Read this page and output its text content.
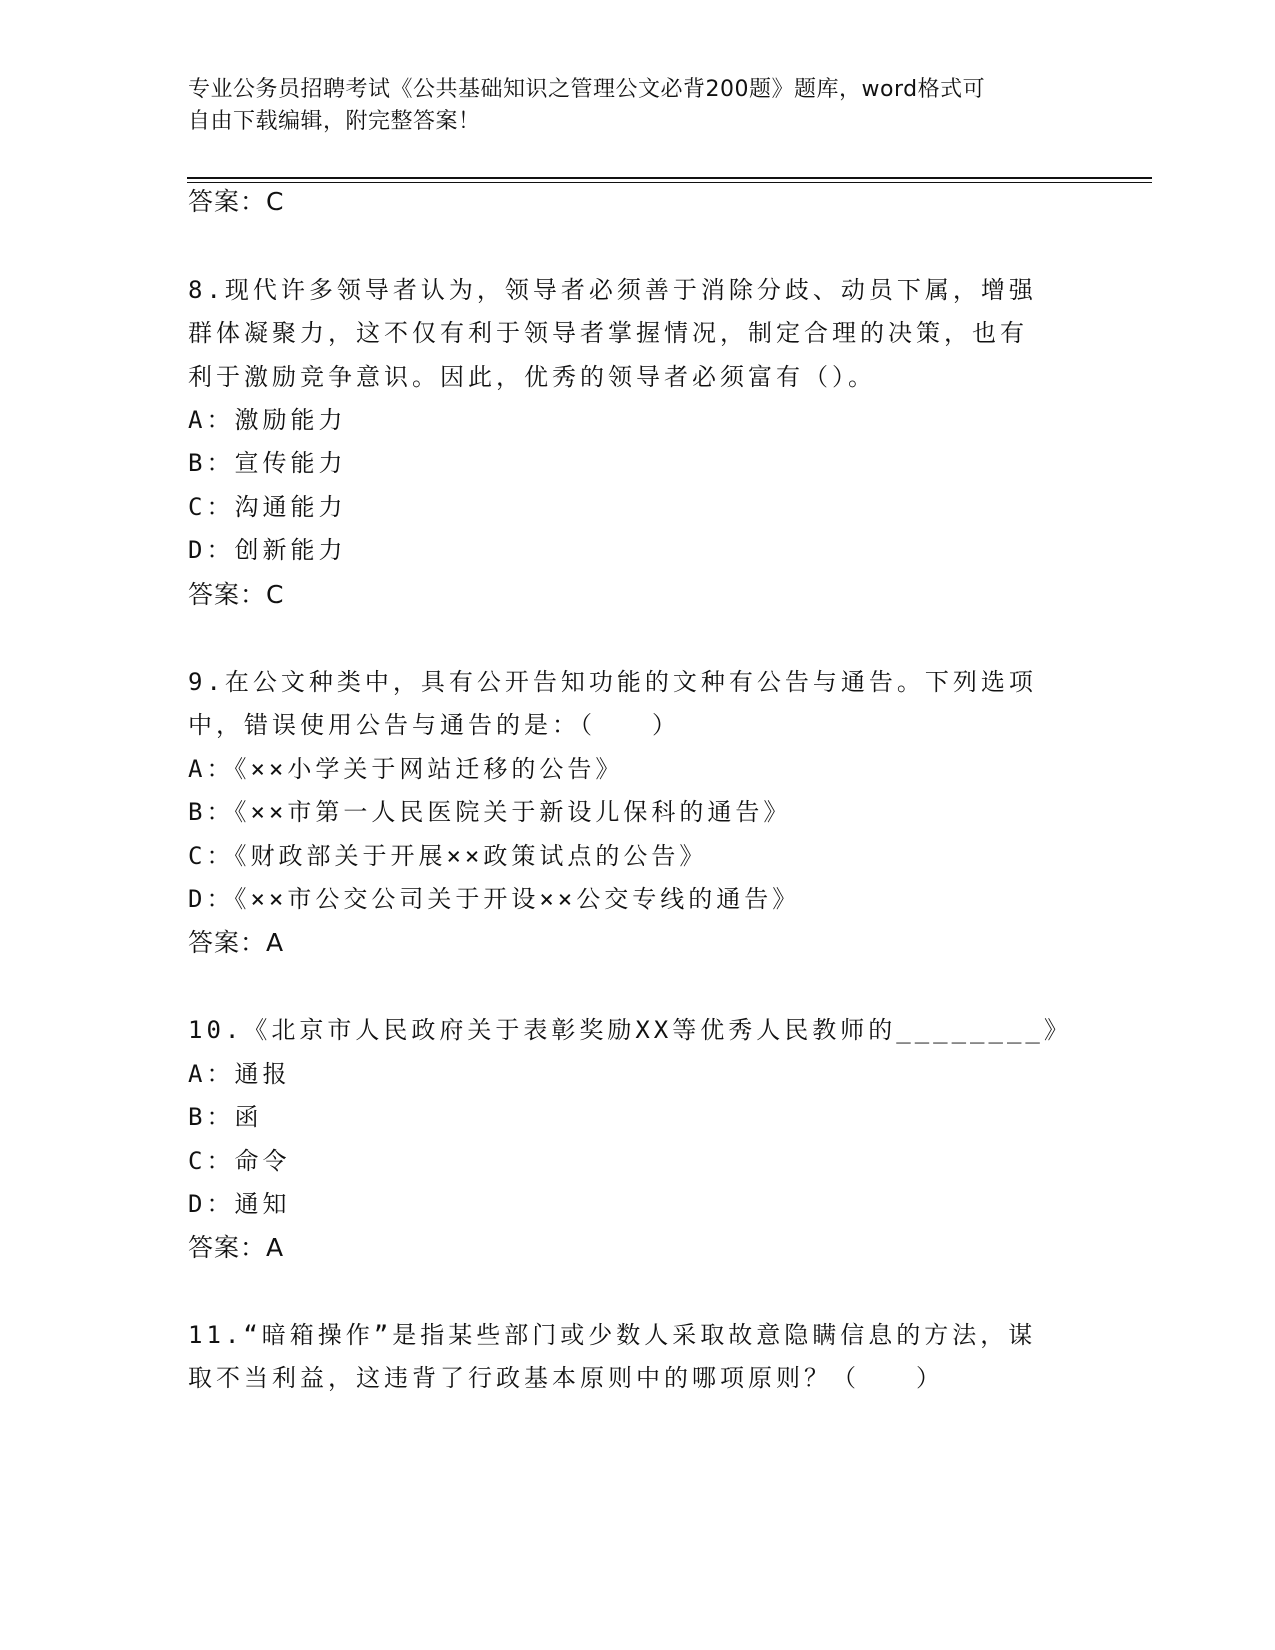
专业公务员招聘考试《公共基础知识之管理公文必背200题》题库，word格式可
自由下载编辑，附完整答案！
答案：C
8.现代许多领导者认为，领导者必须善于消除分歧、动员下属，增强
群体凝聚力，这不仅有利于领导者掌握情况，制定合理的决策，也有
利于激励竞争意识。因此，优秀的领导者必须富有（）。
A：激励能力
B：宣传能力
C：沟通能力
D：创新能力
答案：C
9.在公文种类中，具有公开告知功能的文种有公告与通告。下列选项
中，错误使用公告与通告的是：（　　）
A：《××小学关于网站迁移的公告》
B：《××市第一人民医院关于新设儿保科的通告》
C：《财政部关于开展××政策试点的公告》
D：《××市公交公司关于开设××公交专线的通告》
答案：A
10.《北京市人民政府关于表彰奖励XX等优秀人民教师的________》
A：通报
B：函
C：命令
D：通知
答案：A
11.“暗箱操作”是指某些部门或少数人采取故意隐瞒信息的方法，谋
取不当利益，这违背了行政基本原则中的哪项原则？（　　）
